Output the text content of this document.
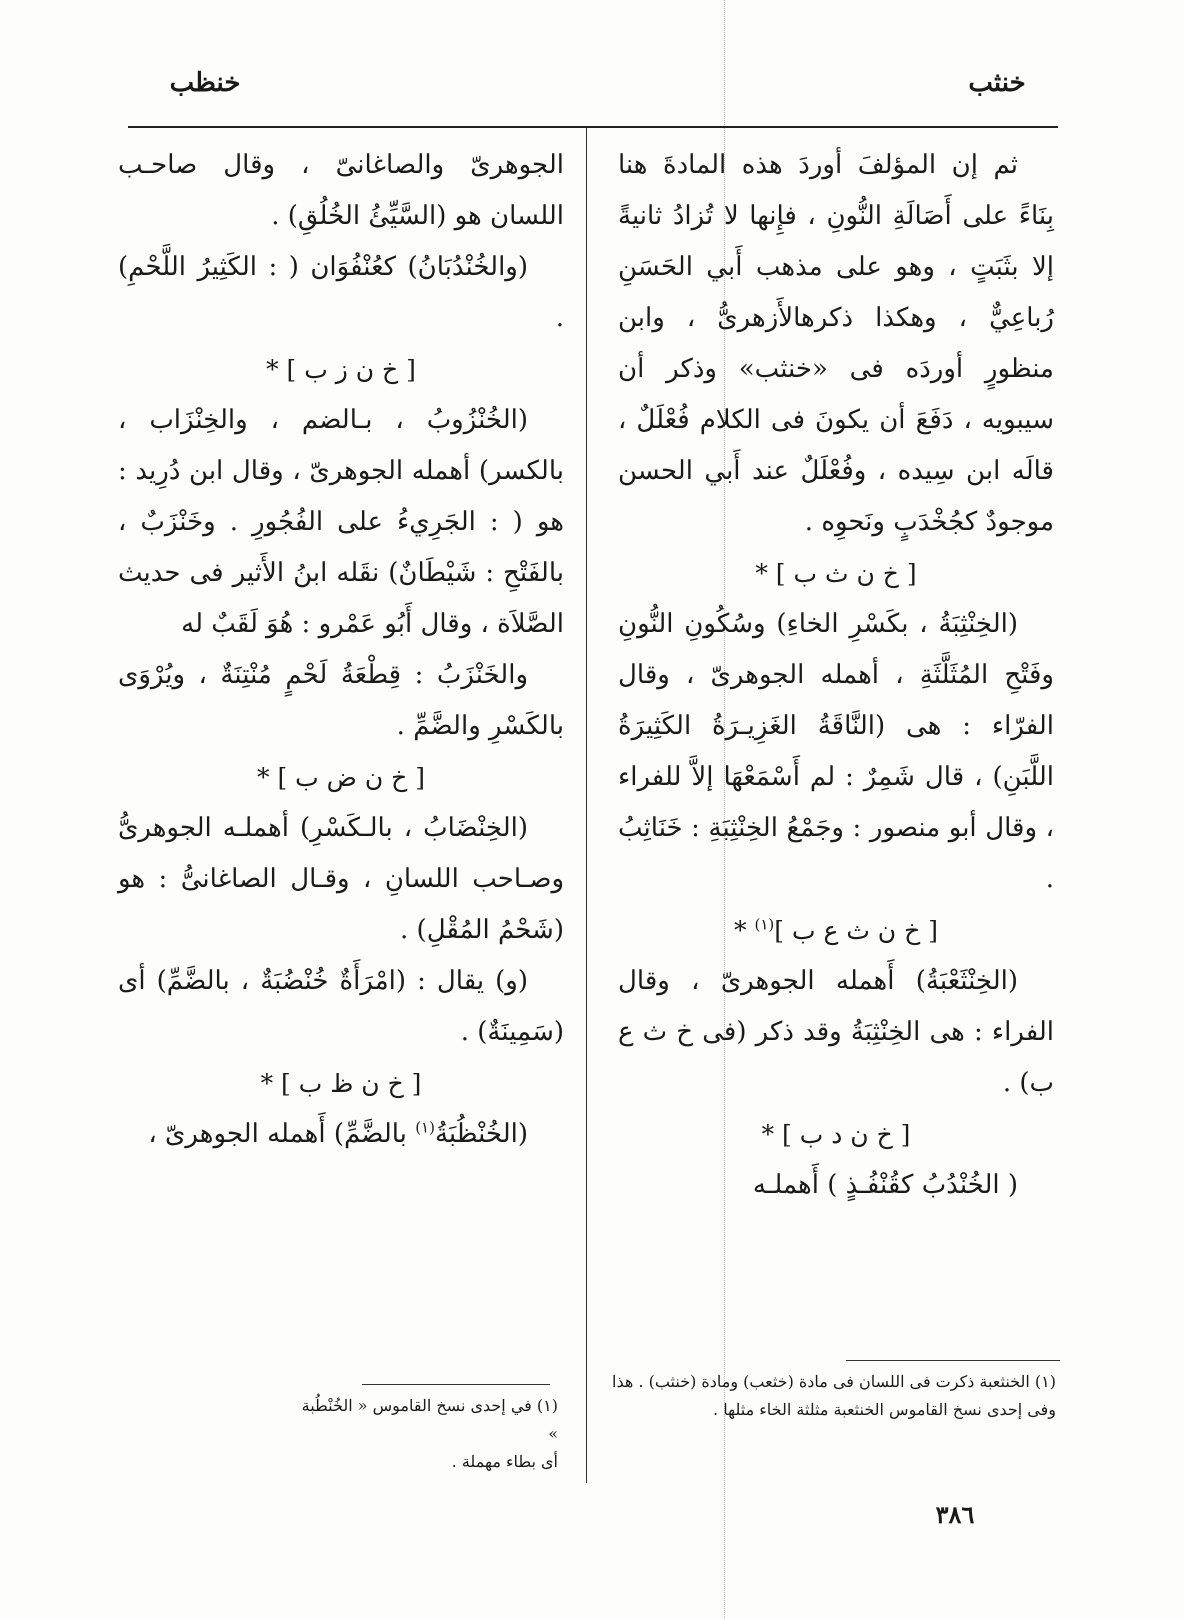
خنثب
خنظب

ثم إن المؤلفَ أوردَ هذه المادةَ هنا بِنَاءً على أَصَالَةِ النُّونِ ، فإِنها لا تُزادُ ثانيةً إلا بثَبَتٍ ، وهو على مذهب أَبي الحَسَنِ رُباعِيٌّ ، وهكذا ذكرهالأَزهرىُّ ، وابن منظورٍ أوردَه فى «خنثب» وذكر أن سيبويه ، دَفَعَ أن يكونَ فى الكلام فُعْلَلٌ ، قالَه ابن سِيده ، وفُعْلَلٌ عند أَبي الحسن موجودٌ كجُخْدَبٍ ونَحوِه .

[ خ ن ث ب ] *

(الخِنْثِبَةُ ، بكَسْرِ الخاءِ) وسُكُونِ النُّونِ وفَتْحِ المُثَلَّثَةِ ، أهمله الجوهرىّ ، وقال الفرّاء : هى (النَّاقَةُ الغَزِيـرَةُ الكَثِيرَةُ اللَّبَنِ) ، قال شَمِرٌ : لم أَسْمَعْهَا إلاَّ للفراء ، وقال أبو منصور : وجَمْعُ الخِنْثِبَةِ : خَنَاثِبُ .

[ خ ن ث ع ب ]$^{(١)}$ *

(الخِنْثَعْبَةُ) أَهمله الجوهرىّ ، وقال الفراء : هى الخِنْثِبَةُ وقد ذكر (فى خ ث ع ب) .

[ خ ن د ب ] *

( الخُنْدُبُ كقُنْفُـذٍ ) أَهملـه

الجوهرىّ والصاغانىّ ، وقال صاحـب اللسان هو (السَّيِّئُ الخُلُقِ) .

(والخُنْدُبَانُ) كعُنْفُوَان ( : الكَثِيرُ اللَّحْمِ) .

[ خ ن ز ب ] *

(الخُنْزُوبُ ، بـالضم ، والخِنْزَاب ، بالكسر) أهمله الجوهرىّ ، وقال ابن دُرِيد : هو ( : الجَرِيءُ على الفُجُورِ . وخَنْزَبٌ ، بالفَتْحِ : شَيْطَانٌ) نقَله ابنُ الأَثير فى حديث الصَّلاَة ، وقال أَبُو عَمْرو : هُوَ لَقَبٌ له

والخَنْزَبُ : قِطْعَةُ لَحْمٍ مُنْتِنَةٌ ، ويُرْوَى بالكَسْرِ والضَّمِّ .

[ خ ن ض ب ] *

(الخِنْضَابُ ، بالـكَسْرِ) أهملـه الجوهرىُّ وصـاحب اللسانِ ، وقـال الصاغانىُّ : هو (شَحْمُ المُقْلِ) .

(و) يقال : (امْرَأَةٌ خُنْضُبَةٌ ، بالضَّمِّ) أى (سَمِينَةٌ) .

[ خ ن ظ ب ] *

(الخُنْظُبَةُ$^{(١)}$ بالضَّمِّ) أَهمله الجوهرىّ ،

(١) الخنثعبة ذكرت فى اللسان فى مادة (خثعب) ومادة (خنثب) . هذا وفى إحدى نسخ القاموس الخنثعبة مثلثة الخاء مثلها .
(١) في إحدى نسخ القاموس « الخُنْطُبة »
أى بطاء مهملة .
٣٨٦
